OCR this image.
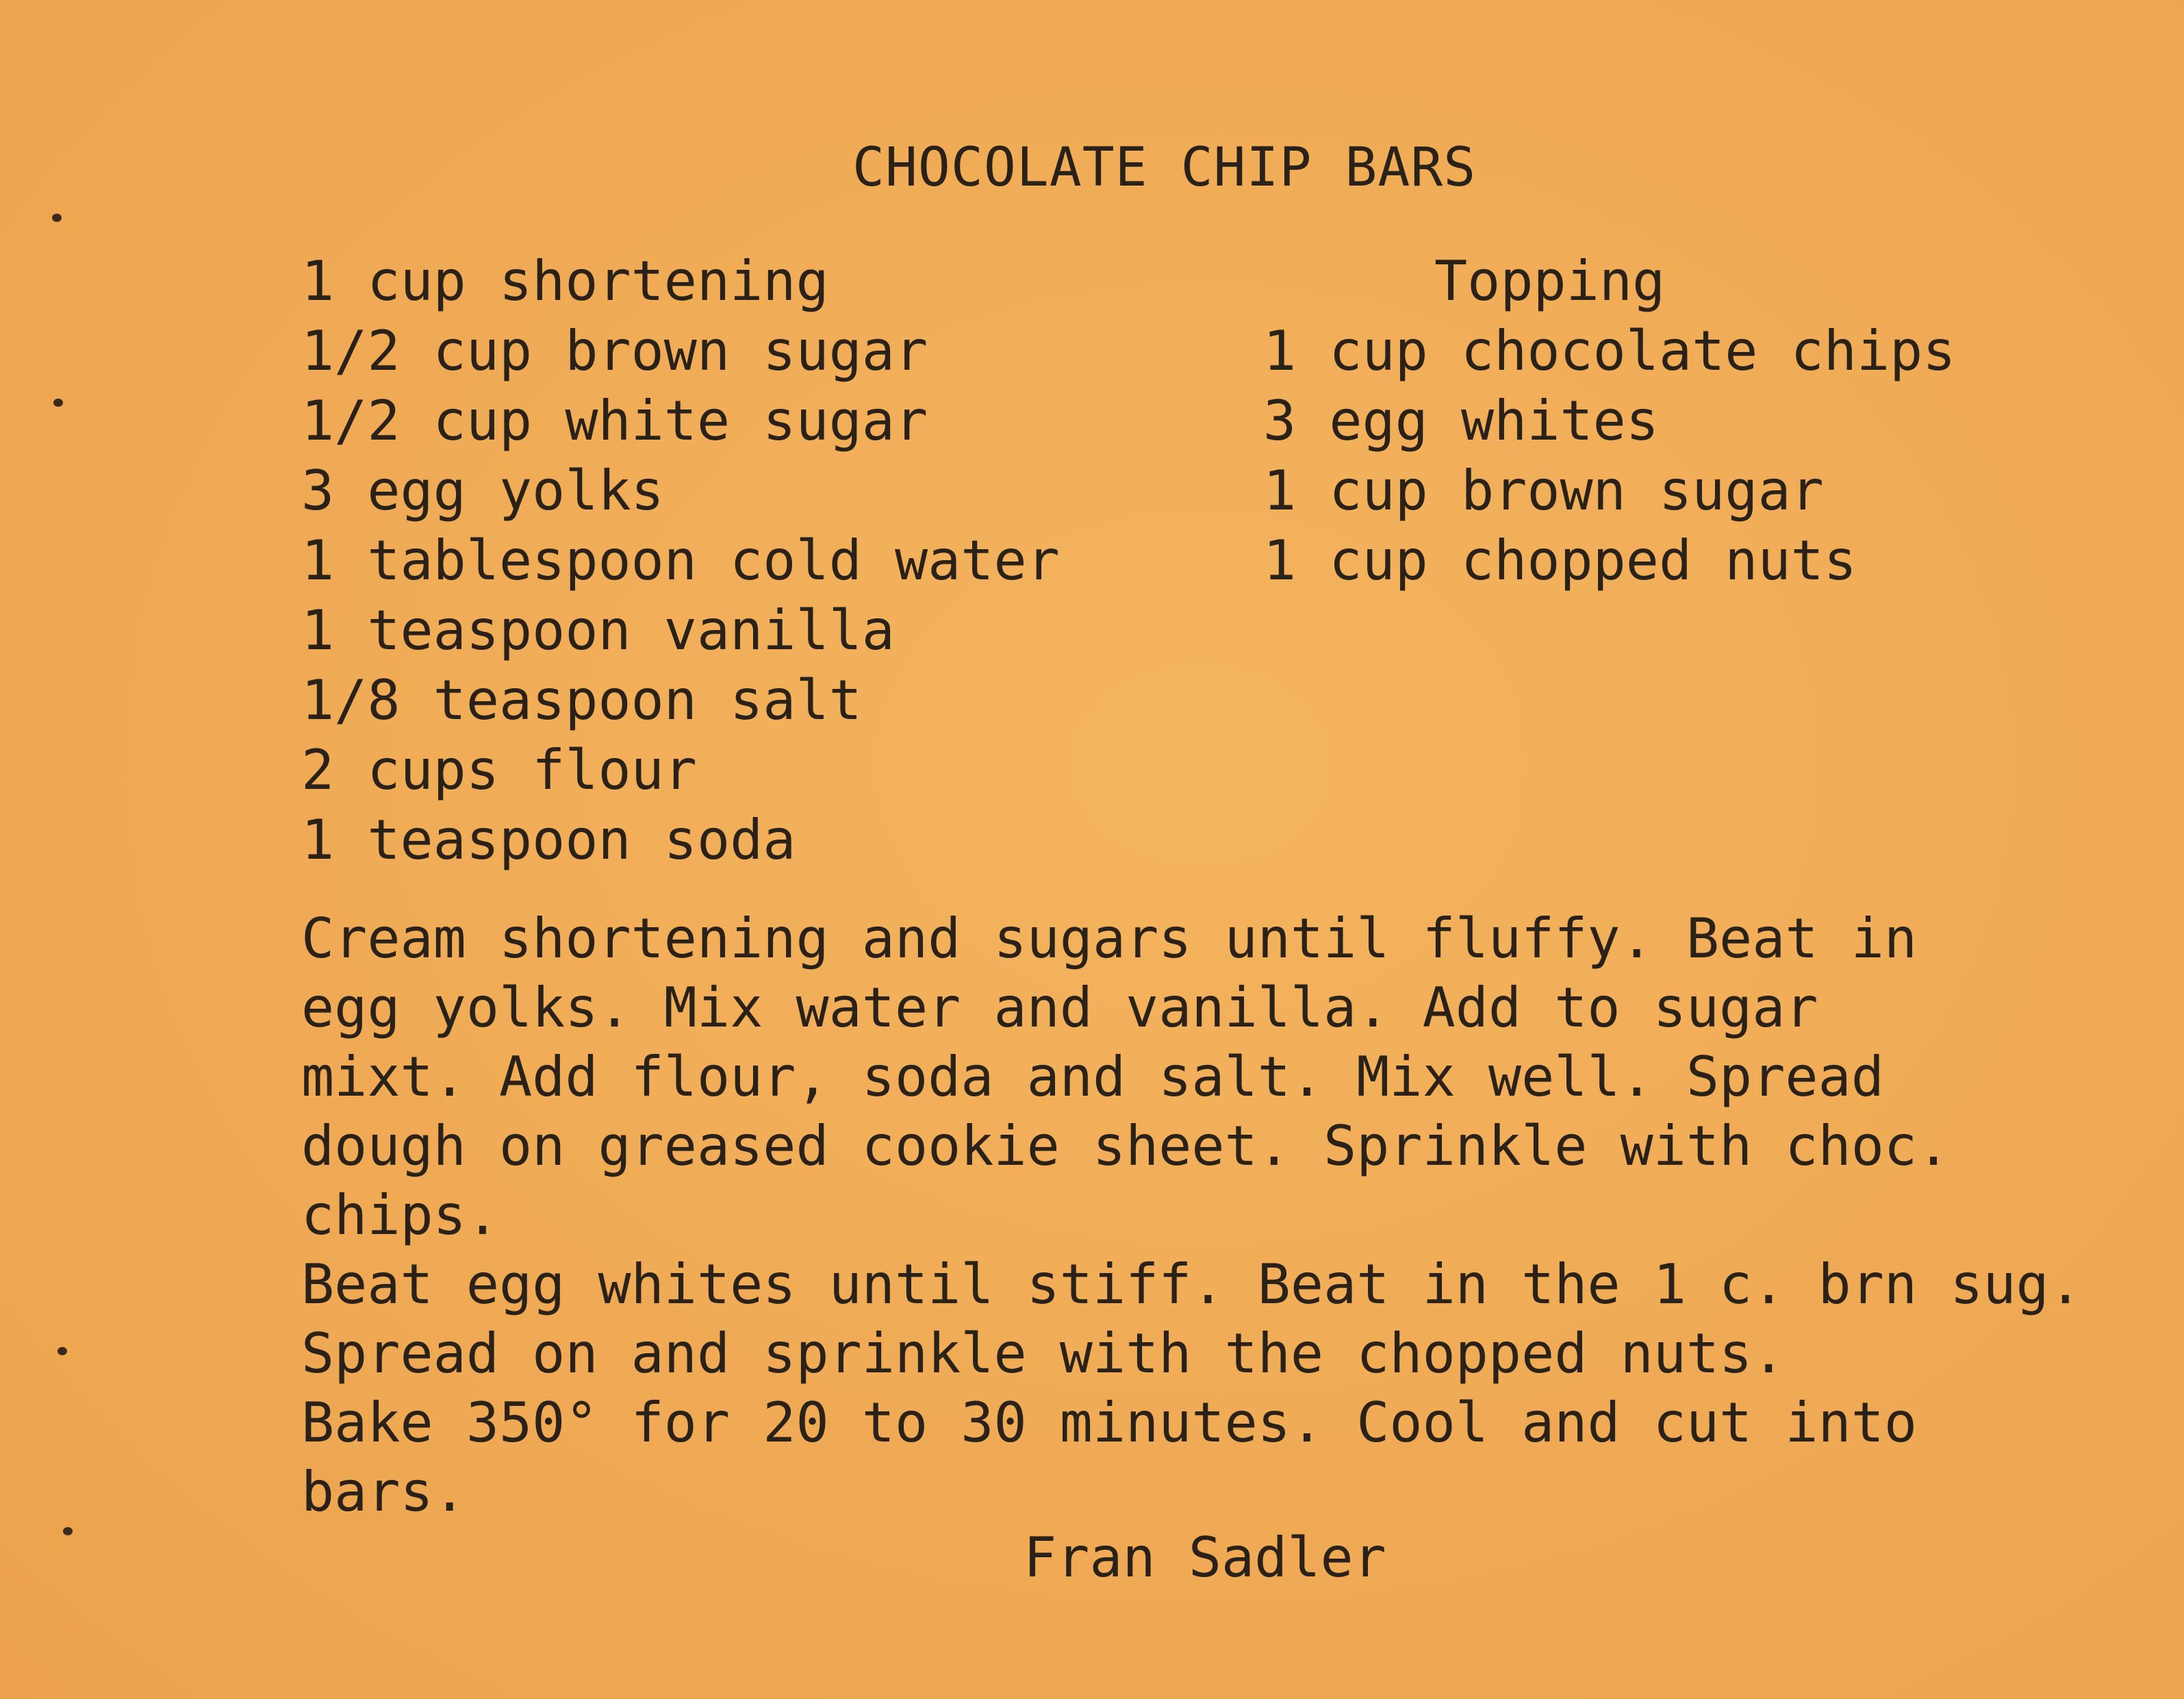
CHOCOLATE CHIP BARS
1 cup shortening
1/2 cup brown sugar
1/2 cup white sugar
3 egg yolks
1 tablespoon cold water
1 teaspoon vanilla
1/8 teaspoon salt
2 cups flour
1 teaspoon soda
Topping
1 cup chocolate chips
3 egg whites
1 cup brown sugar
1 cup chopped nuts
Cream shortening and sugars until fluffy. Beat in
egg yolks. Mix water and vanilla. Add to sugar
mixt. Add flour, soda and salt. Mix well. Spread
dough on greased cookie sheet. Sprinkle with choc.
chips.
Beat egg whites until stiff. Beat in the 1 c. brn sug.
Spread on and sprinkle with the chopped nuts.
Bake 350° for 20 to 30 minutes. Cool and cut into
bars.
Fran Sadler
